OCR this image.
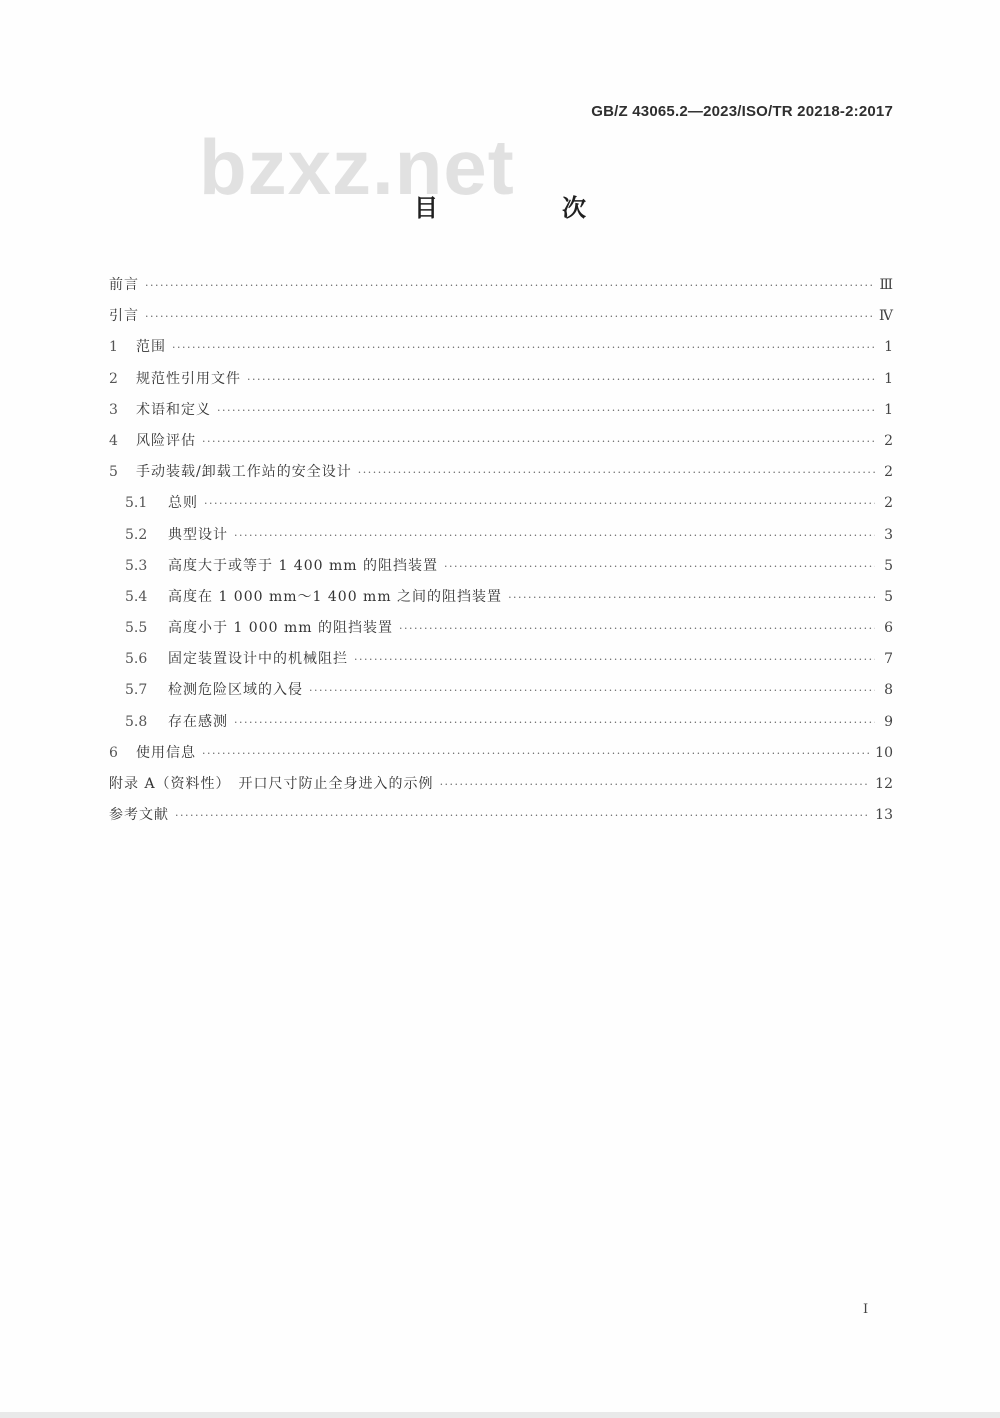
bzxz.net
GB/Z 43065.2—2023/ISO/TR 20218-2:2017
目　次
前言 ·····	Ⅲ
引言 ·····	Ⅳ
1	范围 ·····	1
2	规范性引用文件 ·····	1
3	术语和定义 ·····	1
4	风险评估 ·····	2
5	手动装载/卸载工作站的安全设计 ·····	2
5.1	总则 ·····	2
5.2	典型设计 ·····	3
5.3	高度大于或等于 1 400 mm 的阻挡装置 ·····	5
5.4	高度在 1 000 mm～1 400 mm 之间的阻挡装置 ·····	5
5.5	高度小于 1 000 mm 的阻挡装置 ·····	6
5.6	固定装置设计中的机械阻拦 ·····	7
5.7	检测危险区域的入侵 ·····	8
5.8	存在感测 ·····	9
6	使用信息 ·····	10
附录 A（资料性）　开口尺寸防止全身进入的示例 ·····	12
参考文献 ·····	13
I
